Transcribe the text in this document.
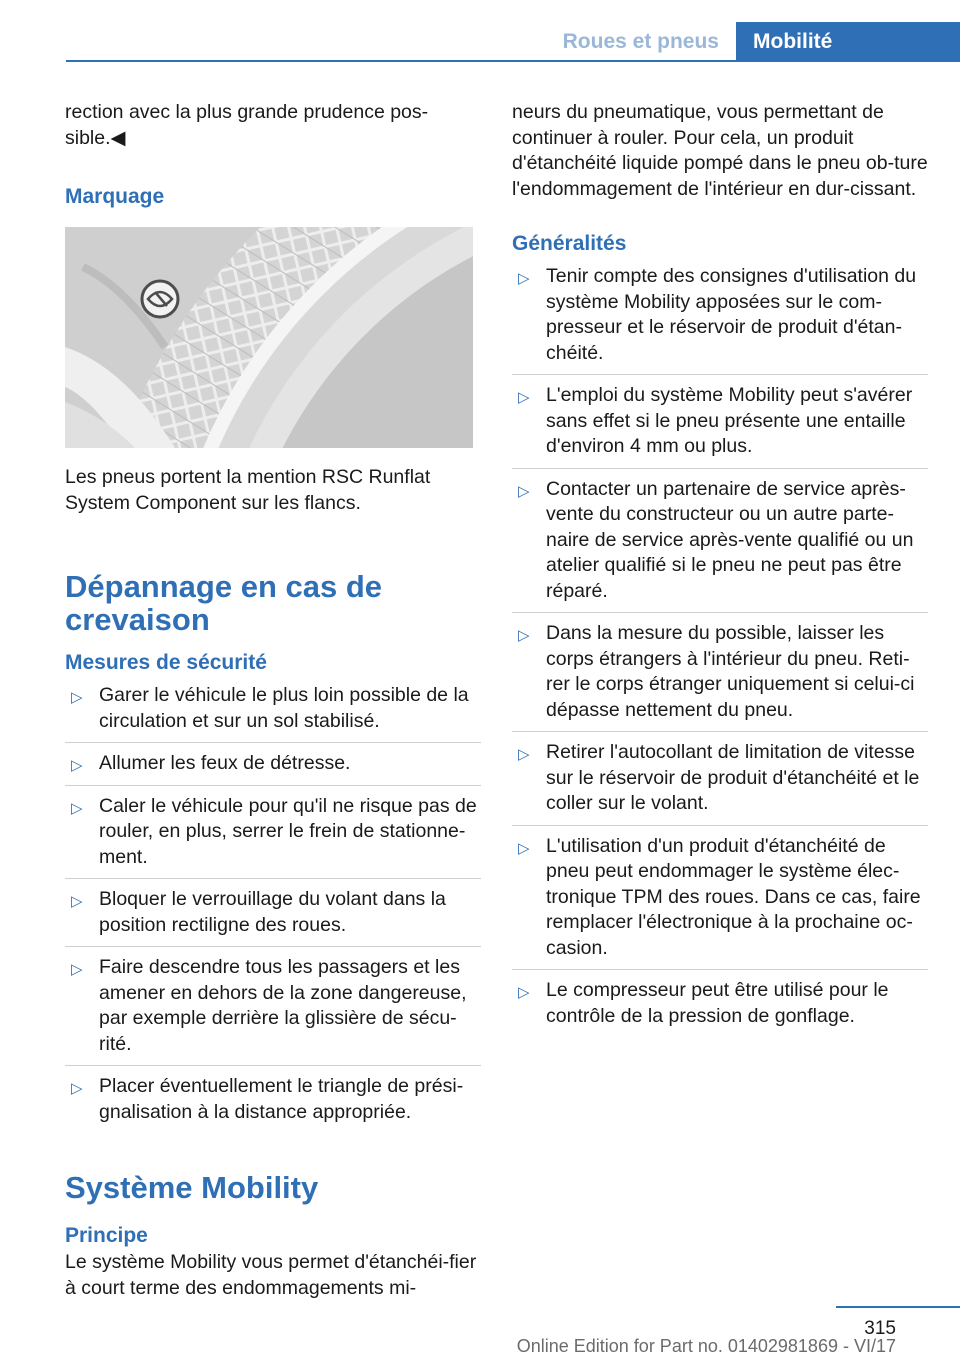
Roues et pneus	Mobilité

rection avec la plus grande prudence pos-
sible.◀

Marquage

Les pneus portent la mention RSC Runflat System Component sur les flancs.

Dépannage en cas de crevaison
Mesures de sécurité
▷ Garer le véhicule le plus loin possible de la circulation et sur un sol stabilisé.
▷ Allumer les feux de détresse.
▷ Caler le véhicule pour qu'il ne risque pas de rouler, en plus, serrer le frein de stationne-ment.
▷ Bloquer le verrouillage du volant dans la position rectiligne des roues.
▷ Faire descendre tous les passagers et les amener en dehors de la zone dangereuse, par exemple derrière la glissière de sécu-rité.
▷ Placer éventuellement le triangle de prési-gnalisation à la distance appropriée.
Système Mobility
Principe

Le système Mobility vous permet d'étanchéi-fier à court terme des endommagements mi-

neurs du pneumatique, vous permettant de continuer à rouler. Pour cela, un produit d'étanchéité liquide pompé dans le pneu ob-ture l'endommagement de l'intérieur en dur-cissant.

Généralités
▷ Tenir compte des consignes d'utilisation du système Mobility apposées sur le com-presseur et le réservoir de produit d'étan-chéité.
▷ L'emploi du système Mobility peut s'avérer sans effet si le pneu présente une entaille d'environ 4 mm ou plus.
▷ Contacter un partenaire de service après-vente du constructeur ou un autre parte-naire de service après-vente qualifié ou un atelier qualifié si le pneu ne peut pas être réparé.
▷ Dans la mesure du possible, laisser les corps étrangers à l'intérieur du pneu. Reti-rer le corps étranger uniquement si celui-ci dépasse nettement du pneu.
▷ Retirer l'autocollant de limitation de vitesse sur le réservoir de produit d'étanchéité et le coller sur le volant.
▷ L'utilisation d'un produit d'étanchéité de pneu peut endommager le système élec-tronique TPM des roues. Dans ce cas, faire remplacer l'électronique à la prochaine oc-casion.
▷ Le compresseur peut être utilisé pour le contrôle de la pression de gonflage.
315
Online Edition for Part no. 01402981869 - VI/17
